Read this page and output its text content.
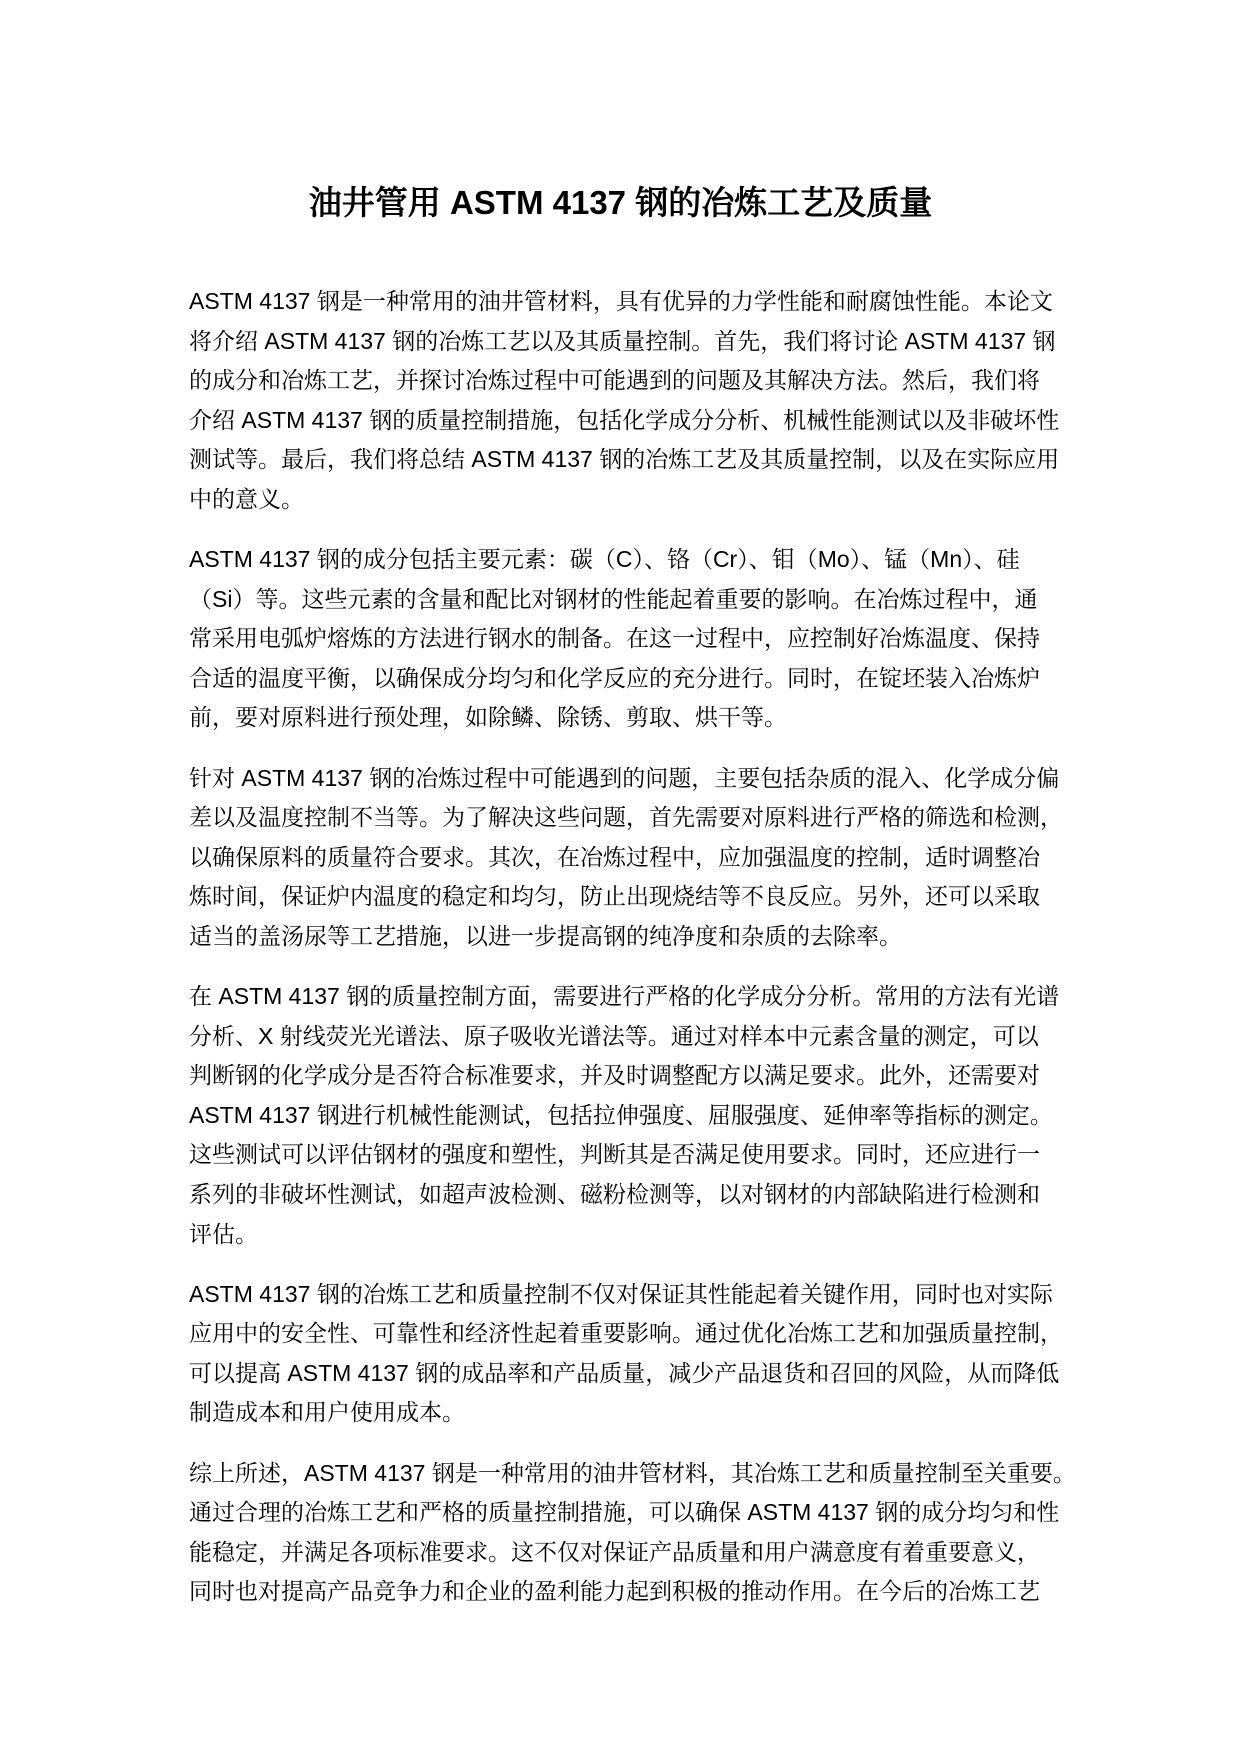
油井管用 ASTM 4137 钢的冶炼工艺及质量
ASTM 4137 钢是一种常用的油井管材料，具有优异的力学性能和耐腐蚀性能。本论文
将介绍 ASTM 4137 钢的冶炼工艺以及其质量控制。首先，我们将讨论 ASTM 4137 钢
的成分和冶炼工艺，并探讨冶炼过程中可能遇到的问题及其解决方法。然后，我们将
介绍 ASTM 4137 钢的质量控制措施，包括化学成分分析、机械性能测试以及非破坏性
测试等。最后，我们将总结 ASTM 4137 钢的冶炼工艺及其质量控制，以及在实际应用
中的意义。
ASTM 4137 钢的成分包括主要元素：碳（C）、铬（Cr）、钼（Mo）、锰（Mn）、硅
（Si）等。这些元素的含量和配比对钢材的性能起着重要的影响。在冶炼过程中，通
常采用电弧炉熔炼的方法进行钢水的制备。在这一过程中，应控制好冶炼温度、保持
合适的温度平衡，以确保成分均匀和化学反应的充分进行。同时，在锭坯装入冶炼炉
前，要对原料进行预处理，如除鳞、除锈、剪取、烘干等。
针对 ASTM 4137 钢的冶炼过程中可能遇到的问题，主要包括杂质的混入、化学成分偏
差以及温度控制不当等。为了解决这些问题，首先需要对原料进行严格的筛选和检测，
以确保原料的质量符合要求。其次，在冶炼过程中，应加强温度的控制，适时调整冶
炼时间，保证炉内温度的稳定和均匀，防止出现烧结等不良反应。另外，还可以采取
适当的盖汤尿等工艺措施，以进一步提高钢的纯净度和杂质的去除率。
在 ASTM 4137 钢的质量控制方面，需要进行严格的化学成分分析。常用的方法有光谱
分析、X 射线荧光光谱法、原子吸收光谱法等。通过对样本中元素含量的测定，可以
判断钢的化学成分是否符合标准要求，并及时调整配方以满足要求。此外，还需要对
ASTM 4137 钢进行机械性能测试，包括拉伸强度、屈服强度、延伸率等指标的测定。
这些测试可以评估钢材的强度和塑性，判断其是否满足使用要求。同时，还应进行一
系列的非破坏性测试，如超声波检测、磁粉检测等，以对钢材的内部缺陷进行检测和
评估。
ASTM 4137 钢的冶炼工艺和质量控制不仅对保证其性能起着关键作用，同时也对实际
应用中的安全性、可靠性和经济性起着重要影响。通过优化冶炼工艺和加强质量控制，
可以提高 ASTM 4137 钢的成品率和产品质量，减少产品退货和召回的风险，从而降低
制造成本和用户使用成本。
综上所述，ASTM 4137 钢是一种常用的油井管材料，其冶炼工艺和质量控制至关重要。
通过合理的冶炼工艺和严格的质量控制措施，可以确保 ASTM 4137 钢的成分均匀和性
能稳定，并满足各项标准要求。这不仅对保证产品质量和用户满意度有着重要意义，
同时也对提高产品竞争力和企业的盈利能力起到积极的推动作用。在今后的冶炼工艺
